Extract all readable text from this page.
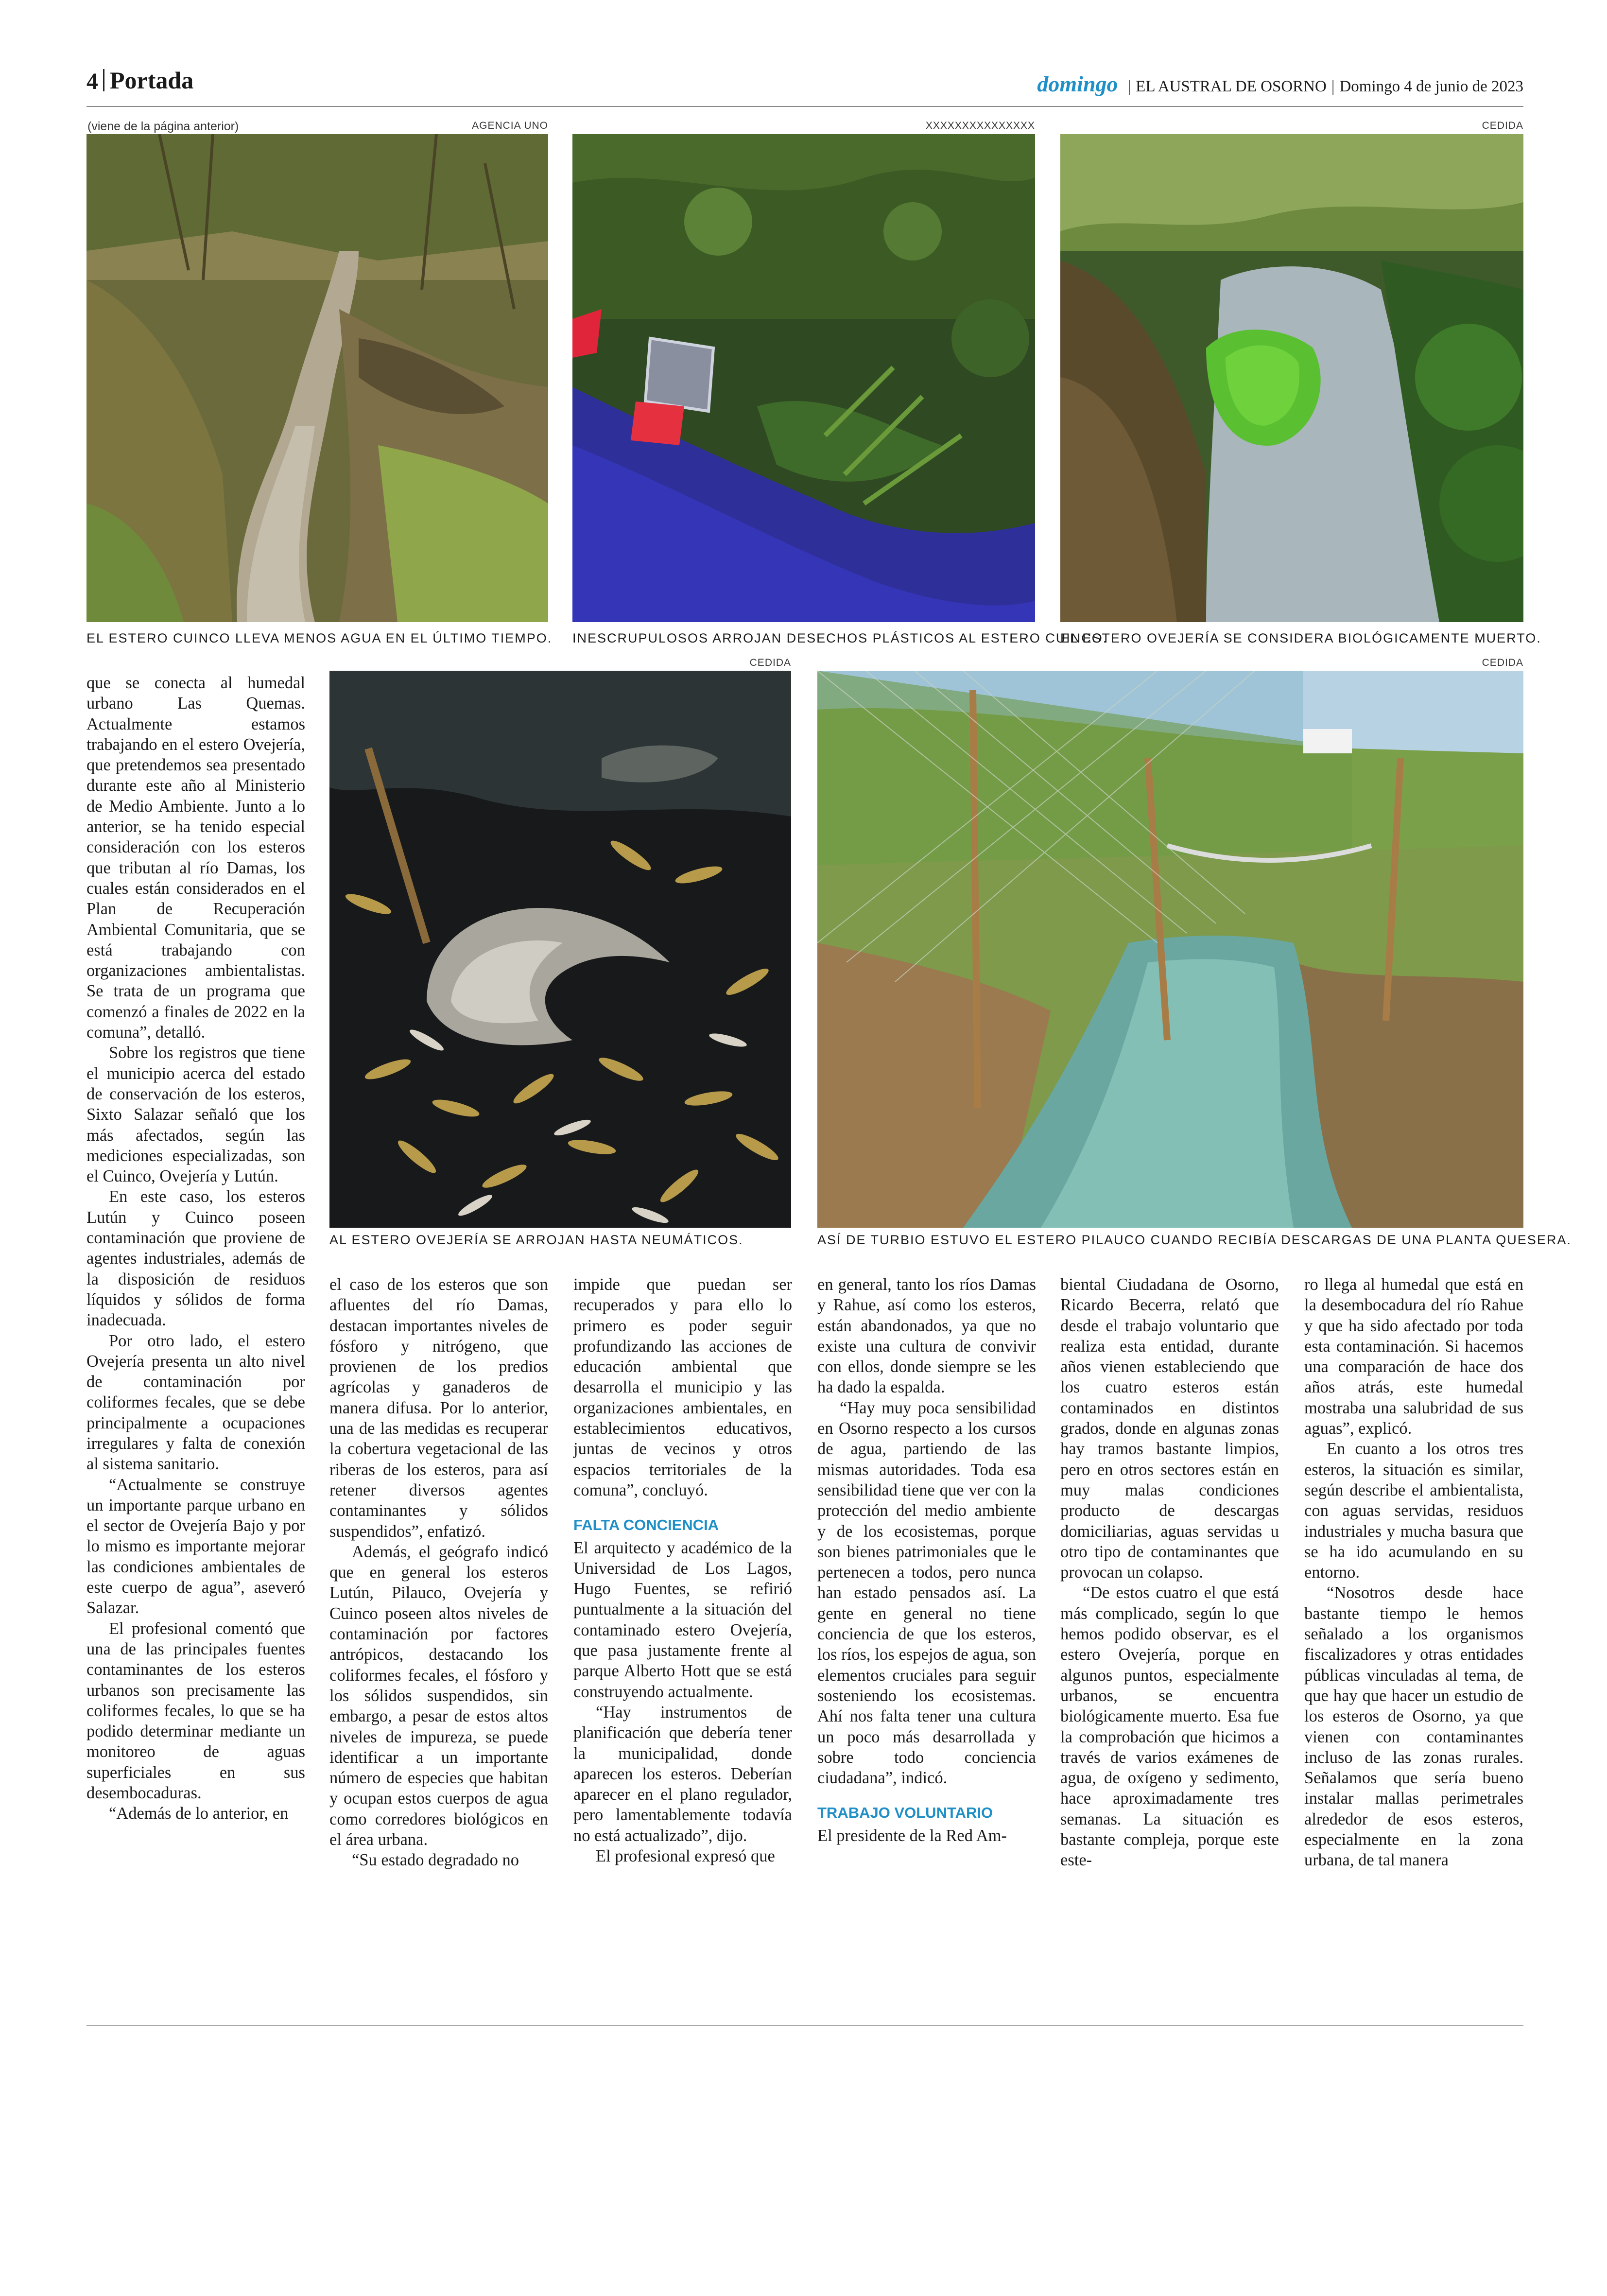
4 Portada	domingo | EL AUSTRAL DE OSORNO | Domingo 4 de junio de 2023
(viene de la página anterior)	AGENCIA UNO
EL ESTERO CUINCO LLEVA MENOS AGUA EN EL ÚLTIMO TIEMPO.
XXXXXXXXXXXXXXX
INESCRUPULOSOS ARROJAN DESECHOS PLÁSTICOS AL ESTERO CUINCO.
CEDIDA
EL ESTERO OVEJERÍA SE CONSIDERA BIOLÓGICAMENTE MUERTO.
CEDIDA
AL ESTERO OVEJERÍA SE ARROJAN HASTA NEUMÁTICOS.
CEDIDA
ASÍ DE TURBIO ESTUVO EL ESTERO PILAUCO CUANDO RECIBÍA DESCARGAS DE UNA PLANTA QUESERA.

que se conecta al humedal urbano Las Quemas. Actualmente estamos trabajando en el estero Ovejería, que pretendemos sea presentado durante este año al Ministerio de Medio Ambiente. Junto a lo anterior, se ha tenido especial consideración con los esteros que tributan al río Damas, los cuales están considerados en el Plan de Recuperación Ambiental Comunitaria, que se está trabajando con organizaciones ambientalistas. Se trata de un programa que comenzó a finales de 2022 en la comuna”, detalló.

Sobre los registros que tiene el municipio acerca del estado de conservación de los esteros, Sixto Salazar señaló que los más afectados, según las mediciones especializadas, son el Cuinco, Ovejería y Lutún.

En este caso, los esteros Lutún y Cuinco poseen contaminación que proviene de agentes industriales, además de la disposición de residuos líquidos y sólidos de forma inadecuada.

Por otro lado, el estero Ovejería presenta un alto nivel de contaminación por coliformes fecales, que se debe principalmente a ocupaciones irregulares y falta de conexión al sistema sanitario.

“Actualmente se construye un importante parque urbano en el sector de Ovejería Bajo y por lo mismo es importante mejorar las condiciones ambientales de este cuerpo de agua”, aseveró Salazar.

El profesional comentó que una de las principales fuentes contaminantes de los esteros urbanos son precisamente las coliformes fecales, lo que se ha podido determinar mediante un monitoreo de aguas superficiales en sus desembocaduras.

“Además de lo anterior, en

el caso de los esteros que son afluentes del río Damas, destacan importantes niveles de fósforo y nitrógeno, que provienen de los predios agrícolas y ganaderos de manera difusa. Por lo anterior, una de las medidas es recuperar la cobertura vegetacional de las riberas de los esteros, para así retener diversos agentes contaminantes y sólidos suspendidos”, enfatizó.

Además, el geógrafo indicó que en general los esteros Lutún, Pilauco, Ovejería y Cuinco poseen altos niveles de contaminación por factores antrópicos, destacando los coliformes fecales, el fósforo y los sólidos suspendidos, sin embargo, a pesar de estos altos niveles de impureza, se puede identificar a un importante número de especies que habitan y ocupan estos cuerpos de agua como corredores biológicos en el área urbana.

“Su estado degradado no

impide que puedan ser recuperados y para ello lo primero es poder seguir profundizando las acciones de educación ambiental que desarrolla el municipio y las organizaciones ambientales, en establecimientos educativos, juntas de vecinos y otros espacios territoriales de la comuna”, concluyó.

FALTA CONCIENCIA

El arquitecto y académico de la Universidad de Los Lagos, Hugo Fuentes, se refirió puntualmente a la situación del contaminado estero Ovejería, que pasa justamente frente al parque Alberto Hott que se está construyendo actualmente.

“Hay instrumentos de planificación que debería tener la municipalidad, donde aparecen los esteros. Deberían aparecer en el plano regulador, pero lamentablemente todavía no está actualizado”, dijo.

El profesional expresó que

en general, tanto los ríos Damas y Rahue, así como los esteros, están abandonados, ya que no existe una cultura de convivir con ellos, donde siempre se les ha dado la espalda.

“Hay muy poca sensibilidad en Osorno respecto a los cursos de agua, partiendo de las mismas autoridades. Toda esa sensibilidad tiene que ver con la protección del medio ambiente y de los ecosistemas, porque son bienes patrimoniales que le pertenecen a todos, pero nunca han estado pensados así. La gente en general no tiene conciencia de que los esteros, los ríos, los espejos de agua, son elementos cruciales para seguir sosteniendo los ecosistemas. Ahí nos falta tener una cultura un poco más desarrollada y sobre todo conciencia ciudadana”, indicó.

TRABAJO VOLUNTARIO

El presidente de la Red Am-

biental Ciudadana de Osorno, Ricardo Becerra, relató que desde el trabajo voluntario que realiza esta entidad, durante años vienen estableciendo que los cuatro esteros están contaminados en distintos grados, donde en algunas zonas hay tramos bastante limpios, pero en otros sectores están en muy malas condiciones producto de descargas domiciliarias, aguas servidas u otro tipo de contaminantes que provocan un colapso.

“De estos cuatro el que está más complicado, según lo que hemos podido observar, es el estero Ovejería, porque en algunos puntos, especialmente urbanos, se encuentra biológicamente muerto. Esa fue la comprobación que hicimos a través de varios exámenes de agua, de oxígeno y sedimento, hace aproximadamente tres semanas. La situación es bastante compleja, porque este este-

ro llega al humedal que está en la desembocadura del río Rahue y que ha sido afectado por toda esta contaminación. Si hacemos una comparación de hace dos años atrás, este humedal mostraba una salubridad de sus aguas”, explicó.

En cuanto a los otros tres esteros, la situación es similar, según describe el ambientalista, con aguas servidas, residuos industriales y mucha basura que se ha ido acumulando en su entorno.

“Nosotros desde hace bastante tiempo le hemos señalado a los organismos fiscalizadores y otras entidades públicas vinculadas al tema, de que hay que hacer un estudio de los esteros de Osorno, ya que vienen con contaminantes incluso de las zonas rurales. Señalamos que sería bueno instalar mallas perimetrales alrededor de esos esteros, especialmente en la zona urbana, de tal manera
